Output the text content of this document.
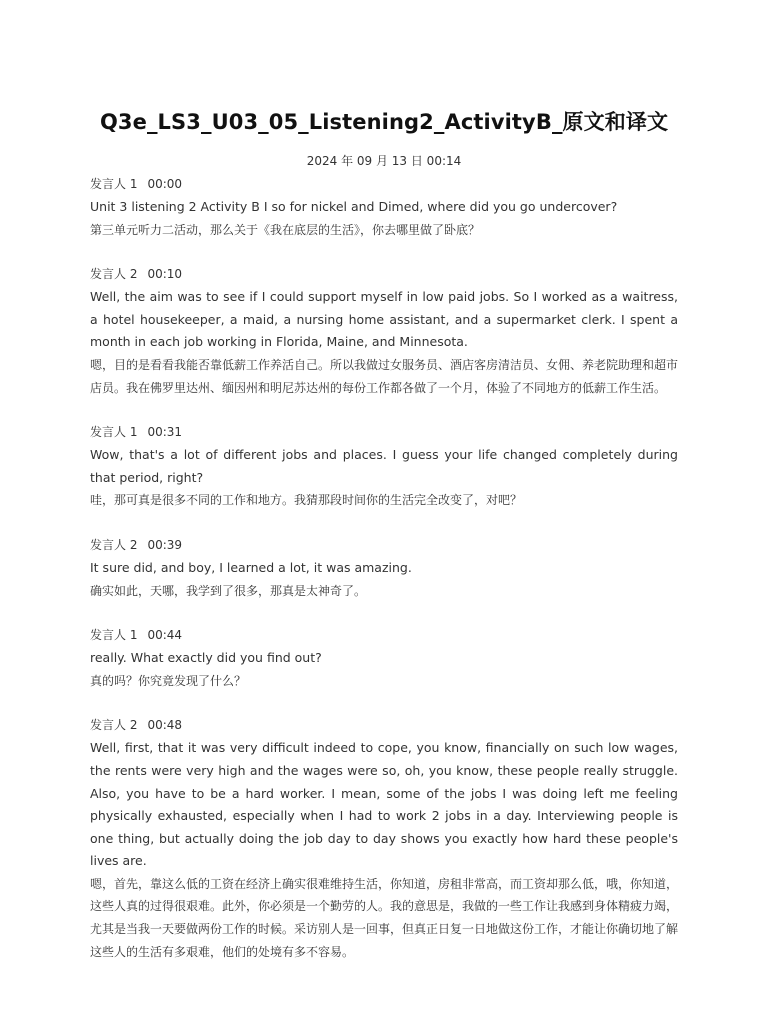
Q3e_LS3_U03_05_Listening2_ActivityB_原文和译文
2024 年 09 月 13 日 00:14
发言人 1 00:00
Unit 3 listening 2 Activity B I so for nickel and Dimed, where did you go undercover?
第三单元听力二活动，那么关于《我在底层的生活》，你去哪里做了卧底？
发言人 2 00:10
Well, the aim was to see if I could support myself in low paid jobs. So I worked as a waitress, a hotel housekeeper, a maid, a nursing home assistant, and a supermarket clerk. I spent a month in each job working in Florida, Maine, and Minnesota.
嗯，目的是看看我能否靠低薪工作养活自己。所以我做过女服务员、酒店客房清洁员、女佣、养老院助理和超市店员。我在佛罗里达州、缅因州和明尼苏达州的每份工作都各做了一个月，体验了不同地方的低薪工作生活。
发言人 1 00:31
Wow, that's a lot of different jobs and places. I guess your life changed completely during that period, right?
哇，那可真是很多不同的工作和地方。我猜那段时间你的生活完全改变了，对吧？
发言人 2 00:39
It sure did, and boy, I learned a lot, it was amazing.
确实如此，天哪，我学到了很多，那真是太神奇了。
发言人 1 00:44
really. What exactly did you find out?
真的吗？你究竟发现了什么？
发言人 2 00:48
Well, first, that it was very difficult indeed to cope, you know, financially on such low wages, the rents were very high and the wages were so, oh, you know, these people really struggle. Also, you have to be a hard worker. I mean, some of the jobs I was doing left me feeling physically exhausted, especially when I had to work 2 jobs in a day. Interviewing people is one thing, but actually doing the job day to day shows you exactly how hard these people's lives are.
嗯，首先，靠这么低的工资在经济上确实很难维持生活，你知道，房租非常高，而工资却那么低，哦，你知道，这些人真的过得很艰难。此外，你必须是一个勤劳的人。我的意思是，我做的一些工作让我感到身体精疲力竭，尤其是当我一天要做两份工作的时候。采访别人是一回事，但真正日复一日地做这份工作，才能让你确切地了解这些人的生活有多艰难，他们的处境有多不容易。
